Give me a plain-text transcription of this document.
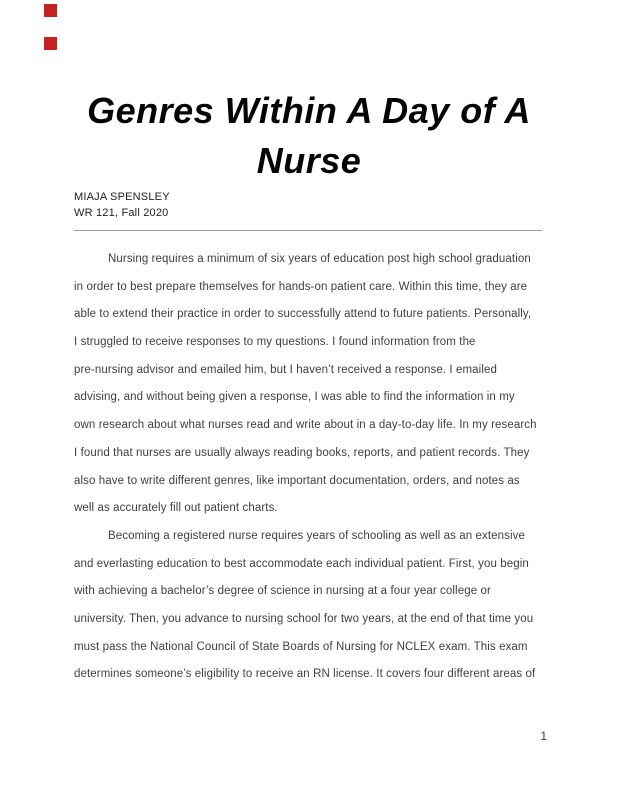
Genres Within A Day of A
Nurse
MIAJA SPENSLEY
WR 121, Fall 2020
Nursing requires a minimum of six years of education post high school graduation
in order to best prepare themselves for hands-on patient care. Within this time, they are
able to extend their practice in order to successfully attend to future patients. Personally,
I struggled to receive responses to my questions. I found information from the
pre-nursing advisor and emailed him, but I haven’t received a response. I emailed
advising, and without being given a response, I was able to find the information in my
own research about what nurses read and write about in a day-to-day life. In my research
I found that nurses are usually always reading books, reports, and patient records. They
also have to write different genres, like important documentation, orders, and notes as
well as accurately fill out patient charts.
Becoming a registered nurse requires years of schooling as well as an extensive
and everlasting education to best accommodate each individual patient. First, you begin
with achieving a bachelor’s degree of science in nursing at a four year college or
university. Then, you advance to nursing school for two years, at the end of that time you
must pass the National Council of State Boards of Nursing for NCLEX exam. This exam
determines someone’s eligibility to receive an RN license. It covers four different areas of
1
